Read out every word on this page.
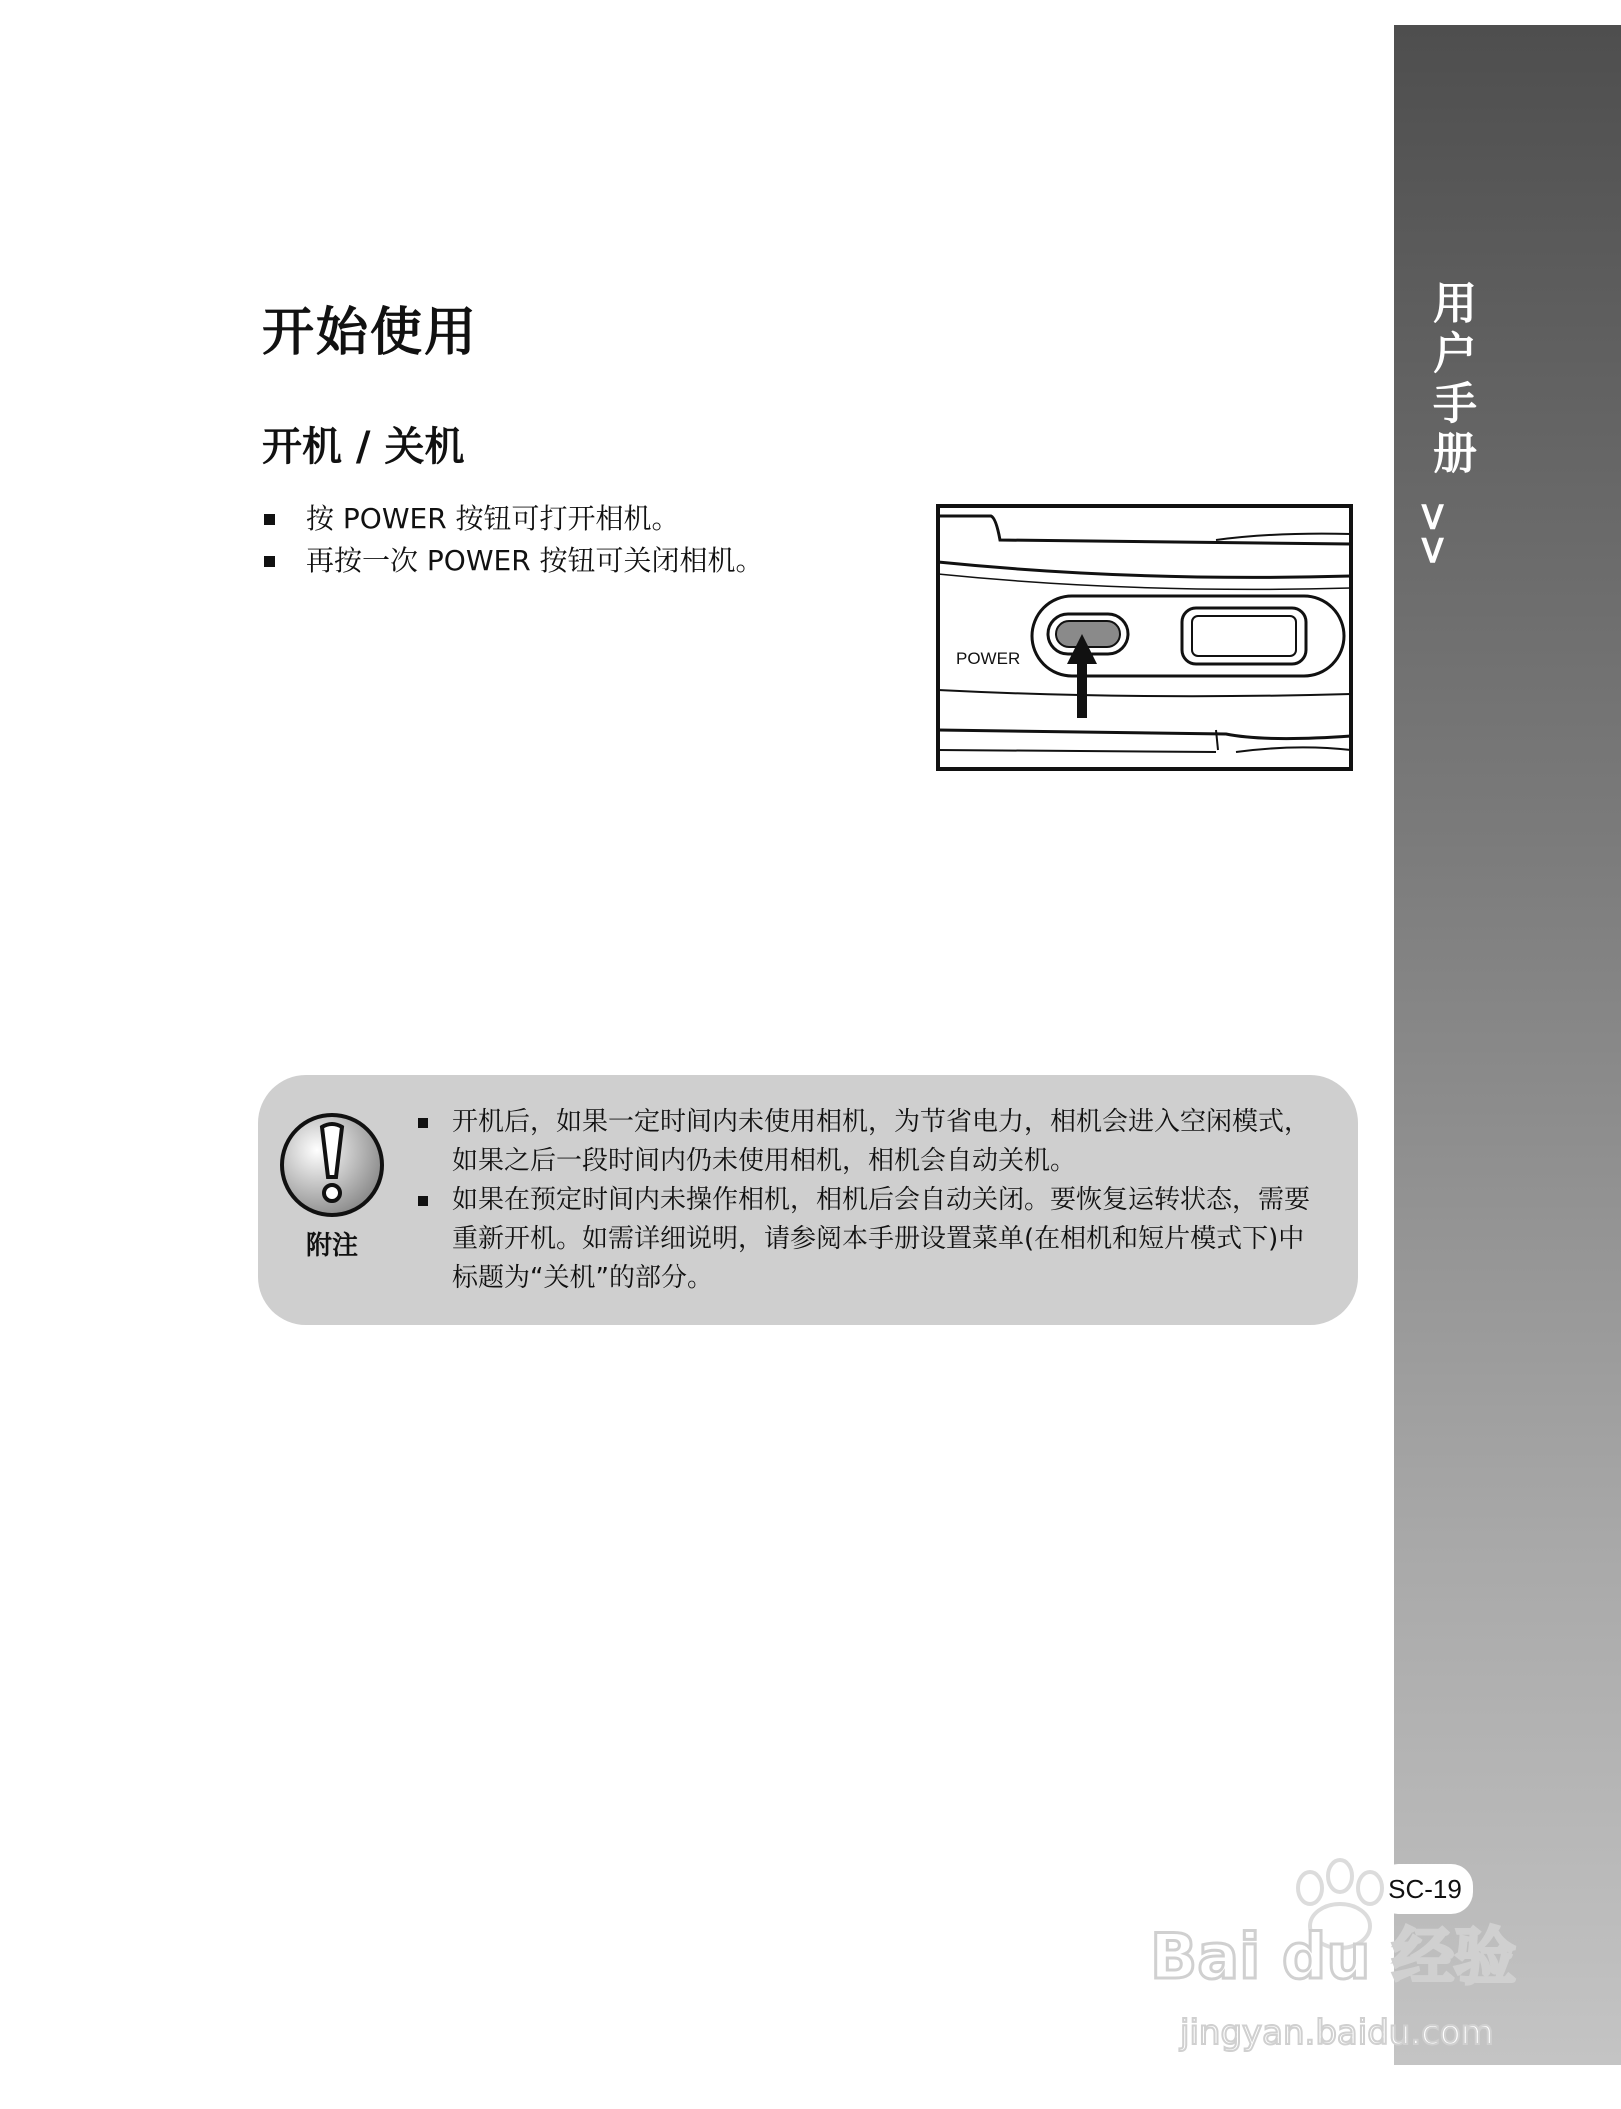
用户手册
>>
开始使用
开机 / 关机
按 POWER 按钮可打开相机。
再按一次 POWER 按钮可关闭相机。
POWER
附注
开机后，如果一定时间内未使用相机，为节省电力，相机会进入空闲模式，如果之后一段时间内仍未使用相机，相机会自动关机。
如果在预定时间内未操作相机，相机后会自动关闭。要恢复运转状态，需要重新开机。如需详细说明，请参阅本手册设置菜单(在相机和短片模式下)中标题为“关机”的部分。
SC-19
Bai du 经验
jingyan.baidu.com
